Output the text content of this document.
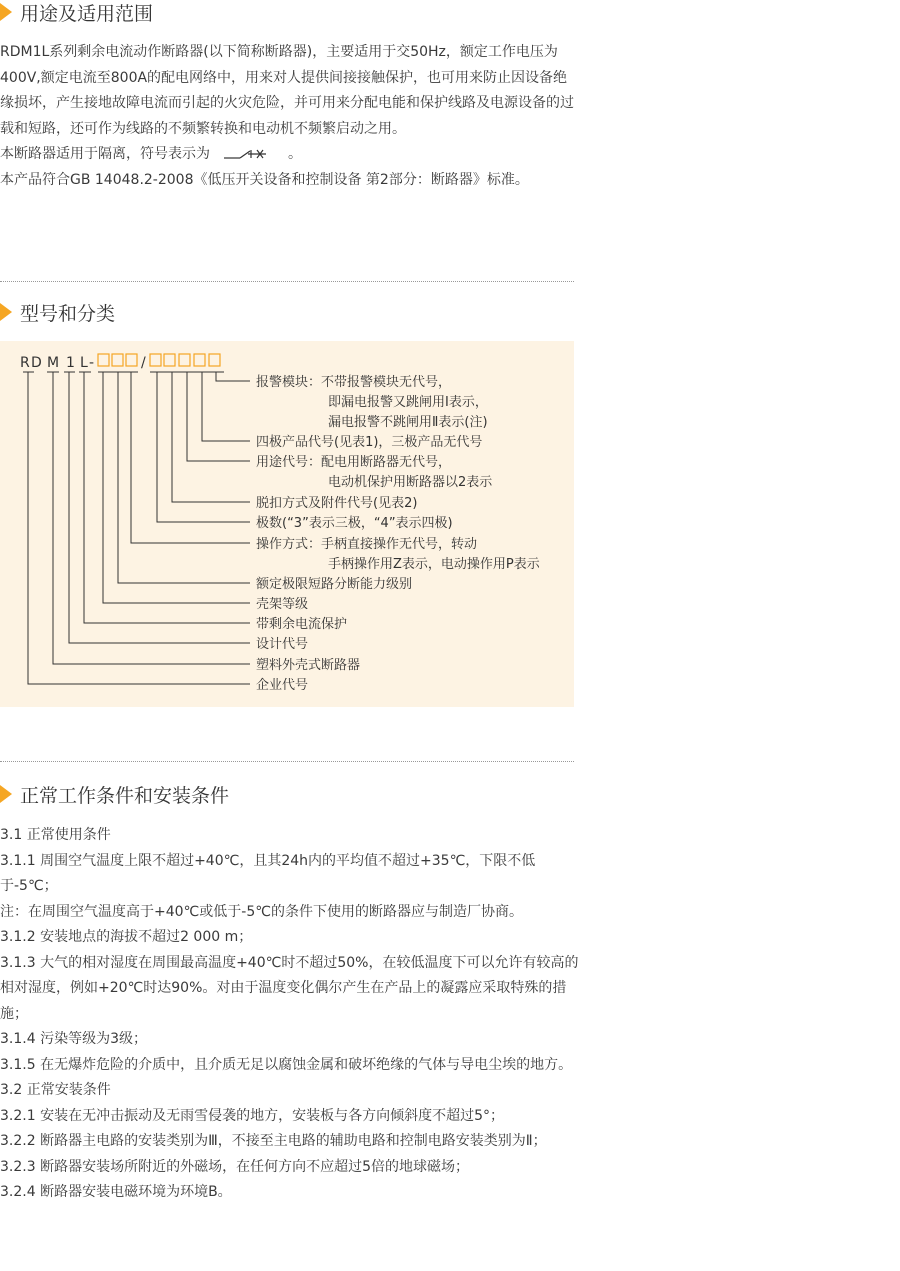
用途及适用范围

RDM1L系列剩余电流动作断路器(以下简称断路器)，主要适用于交50Hz，额定工作电压为400V,额定电流至800A的配电网络中，用来对人提供间接接触保护，也可用来防止因设备绝缘损坏，产生接地故障电流而引起的火灾危险，并可用来分配电能和保护线路及电源设备的过载和短路，还可作为线路的不频繁转换和电动机不频繁启动之用。

本断路器适用于隔离，符号表示为	。

本产品符合GB 14048.2-2008《低压开关设备和控制设备 第2部分：断路器》标准。

型号和分类
R D M 1 L -	/
报警模块：不带报警模块无代号，
即漏电报警又跳闸用Ⅰ表示，
漏电报警不跳闸用Ⅱ表示(注)
四极产品代号(见表1)，三极产品无代号
用途代号：配电用断路器无代号，
电动机保护用断路器以2表示
脱扣方式及附件代号(见表2)
极数(“3”表示三极，“4”表示四极)
操作方式：手柄直接操作无代号，转动
手柄操作用Z表示，电动操作用P表示
额定极限短路分断能力级别
壳架等级
带剩余电流保护
设计代号
塑料外壳式断路器
企业代号
正常工作条件和安装条件

3.1 正常使用条件

3.1.1 周围空气温度上限不超过+40℃，且其24h内的平均值不超过+35℃，下限不低于-5℃；

注：在周围空气温度高于+40℃或低于-5℃的条件下使用的断路器应与制造厂协商。

3.1.2 安装地点的海拔不超过2 000 m；

3.1.3 大气的相对湿度在周围最高温度+40℃时不超过50%，在较低温度下可以允许有较高的相对湿度，例如+20℃时达90%。对由于温度变化偶尔产生在产品上的凝露应采取特殊的措施；

3.1.4 污染等级为3级；

3.1.5 在无爆炸危险的介质中，且介质无足以腐蚀金属和破坏绝缘的气体与导电尘埃的地方。

3.2 正常安装条件

3.2.1 安装在无冲击振动及无雨雪侵袭的地方，安装板与各方向倾斜度不超过5°；

3.2.2 断路器主电路的安装类别为Ⅲ，不接至主电路的辅助电路和控制电路安装类别为Ⅱ；

3.2.3 断路器安装场所附近的外磁场，在任何方向不应超过5倍的地球磁场；

3.2.4 断路器安装电磁环境为环境B。
